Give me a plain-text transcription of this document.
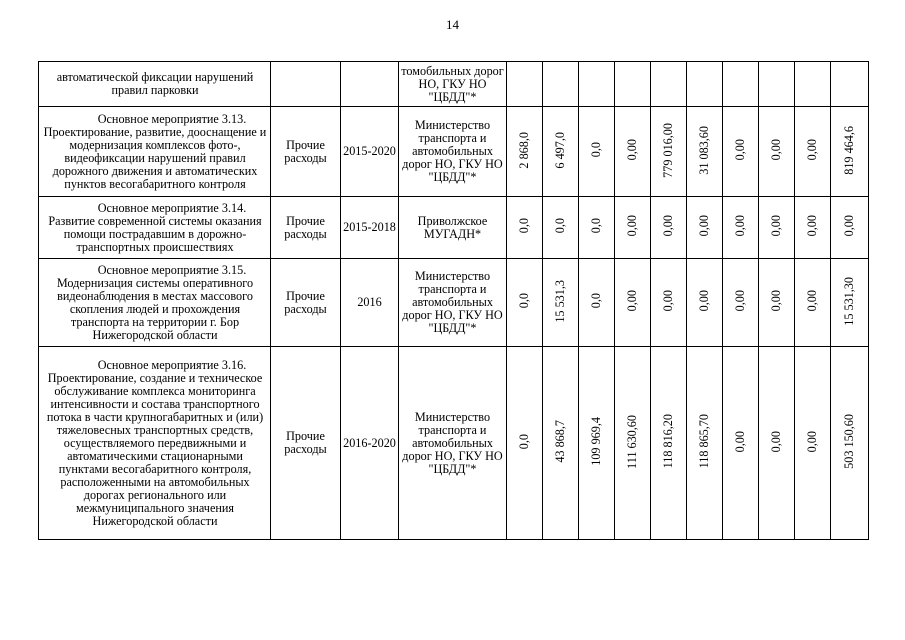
14
автоматической фиксации нарушений правил парковки			томобильных дорог НО, ГКУ НО "ЦБДД"*										

Основное мероприятие 3.13.
Проектирование, развитие, дооснащение и модернизация комплексов фото-, видеофиксации нарушений правил дорожного движения и автоматических пунктов весогабаритного контроля	Прочие расходы	2015-2020	Министерство транспорта и автомобильных дорог НО, ГКУ НО "ЦБДД"*	2 868,0	6 497,0	0,0	0,00	779 016,00	31 083,60	0,00	0,00	0,00	819 464,6

Основное мероприятие 3.14.
Развитие современной системы оказания помощи пострадавшим в дорожно-транспортных происшествиях	Прочие расходы	2015-2018	Приволжское МУГАДН*	0,0	0,0	0,0	0,00	0,00	0,00	0,00	0,00	0,00	0,00

Основное мероприятие 3.15.
Модернизация системы оперативного видеонаблюдения в местах массового скопления людей и прохождения транспорта на территории г. Бор Нижегородской области	Прочие расходы	2016	Министерство транспорта и автомобильных дорог НО, ГКУ НО "ЦБДД"*	0,0	15 531,3	0,0	0,00	0,00	0,00	0,00	0,00	0,00	15 531,30

Основное мероприятие 3.16.
Проектирование, создание и техническое обслуживание комплекса мониторинга интенсивности и состава транспортного потока в части крупногабаритных и (или) тяжеловесных транспортных средств, осуществляемого передвижными и автоматическими стационарными пунктами весогабаритного контроля, расположенными на автомобильных дорогах регионального или межмуниципального значения Нижегородской области	Прочие расходы	2016-2020	Министерство транспорта и автомобильных дорог НО, ГКУ НО "ЦБДД"*	0,0	43 868,7	109 969,4	111 630,60	118 816,20	118 865,70	0,00	0,00	0,00	503 150,60
